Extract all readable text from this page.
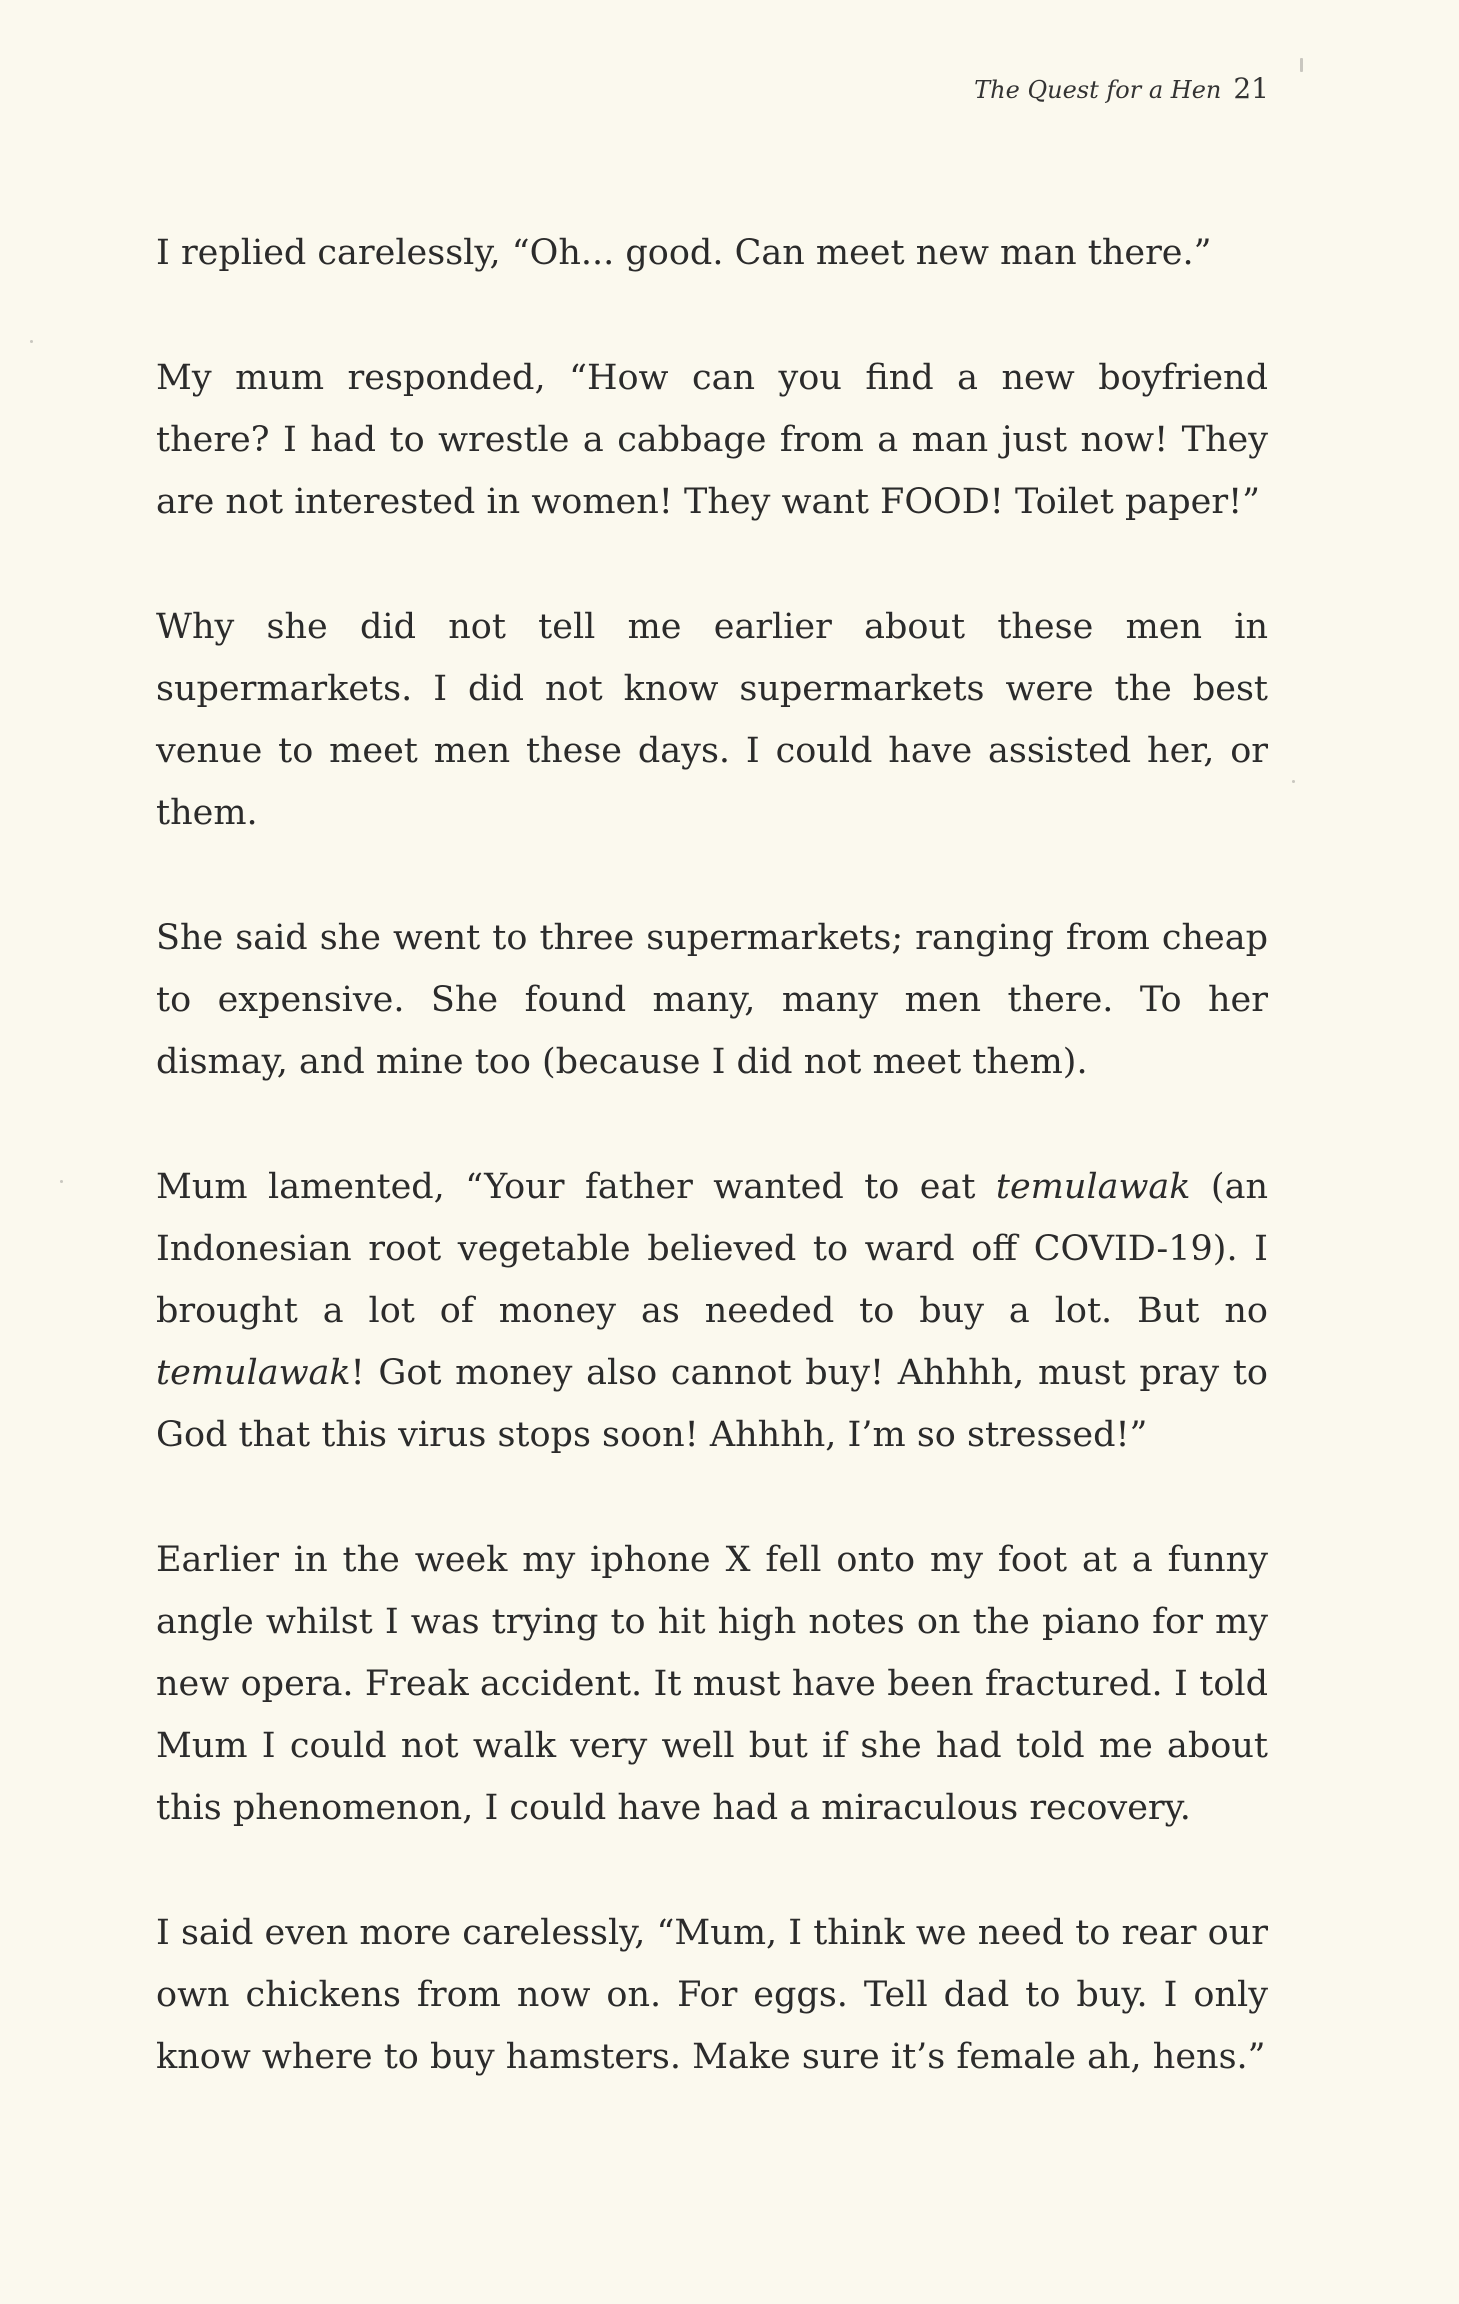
The Quest for a Hen 21

I replied carelessly, “Oh... good. Can meet new man there.”

My mum responded, “How can you find a new boyfriend there? I had to wrestle a cabbage from a man just now! They are not interested in women! They want FOOD! Toilet paper!”

Why she did not tell me earlier about these men in supermarkets. I did not know supermarkets were the best venue to meet men these days. I could have assisted her, or them.

She said she went to three supermarkets; ranging from cheap to expensive. She found many, many men there. To her dismay, and mine too (because I did not meet them).

Mum lamented, “Your father wanted to eat temulawak (an Indonesian root vegetable believed to ward off COVID-19). I brought a lot of money as needed to buy a lot. But no temulawak! Got money also cannot buy! Ahhhh, must pray to God that this virus stops soon! Ahhhh, I’m so stressed!”

Earlier in the week my iphone X fell onto my foot at a funny angle whilst I was trying to hit high notes on the piano for my new opera. Freak accident. It must have been fractured. I told Mum I could not walk very well but if she had told me about this phenomenon, I could have had a miraculous recovery.

I said even more carelessly, “Mum, I think we need to rear our own chickens from now on. For eggs. Tell dad to buy. I only know where to buy hamsters. Make sure it’s female ah, hens.”
